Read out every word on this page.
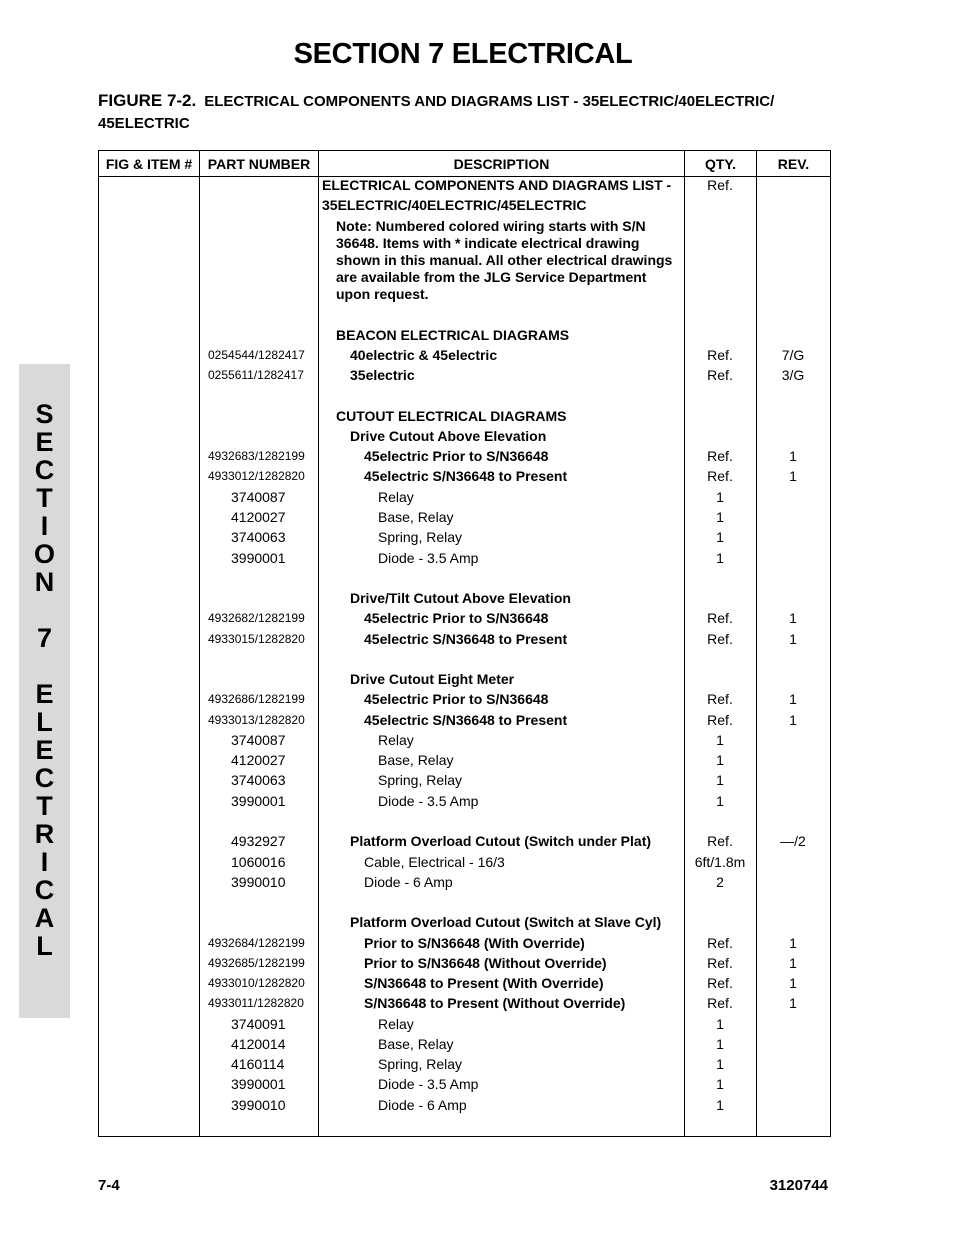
SECTION 7 ELECTRICAL
FIGURE 7-2. ELECTRICAL COMPONENTS AND DIAGRAMS LIST - 35ELECTRIC/40ELECTRIC/ 45ELECTRIC
S
E
C
T
I
O
N
7
E
L
E
C
T
R
I
C
A
L
FIG & ITEM #	PART NUMBER	DESCRIPTION	QTY.	REV.

ELECTRICAL COMPONENTS AND DIAGRAMS LIST -	Ref.
35ELECTRIC/40ELECTRIC/45ELECTRIC
Note: Numbered colored wiring starts with S/N
36648. Items with * indicate electrical drawing
shown in this manual. All other electrical drawings
are available from the JLG Service Department
upon request.
BEACON ELECTRICAL DIAGRAMS
0254544/1282417	40electric & 45electric	Ref.	7/G
0255611/1282417	35electric	Ref.	3/G
CUTOUT ELECTRICAL DIAGRAMS
Drive Cutout Above Elevation
4932683/1282199	45electric Prior to S/N36648	Ref.	1
4933012/1282820	45electric S/N36648 to Present	Ref.	1
3740087	Relay	1
4120027	Base, Relay	1
3740063	Spring, Relay	1
3990001	Diode - 3.5 Amp	1
Drive/Tilt Cutout Above Elevation
4932682/1282199	45electric Prior to S/N36648	Ref.	1
4933015/1282820	45electric S/N36648 to Present	Ref.	1
Drive Cutout Eight Meter
4932686/1282199	45electric Prior to S/N36648	Ref.	1
4933013/1282820	45electric S/N36648 to Present	Ref.	1
3740087	Relay	1
4120027	Base, Relay	1
3740063	Spring, Relay	1
3990001	Diode - 3.5 Amp	1
4932927	Platform Overload Cutout (Switch under Plat)	Ref.	—/2
1060016	Cable, Electrical - 16/3	6ft/1.8m
3990010	Diode - 6 Amp	2
Platform Overload Cutout (Switch at Slave Cyl)
4932684/1282199	Prior to S/N36648 (With Override)	Ref.	1
4932685/1282199	Prior to S/N36648 (Without Override)	Ref.	1
4933010/1282820	S/N36648 to Present (With Override)	Ref.	1
4933011/1282820	S/N36648 to Present (Without Override)	Ref.	1
3740091	Relay	1
4120014	Base, Relay	1
4160114	Spring, Relay	1
3990001	Diode - 3.5 Amp	1
3990010	Diode - 6 Amp	1
7-4	3120744
